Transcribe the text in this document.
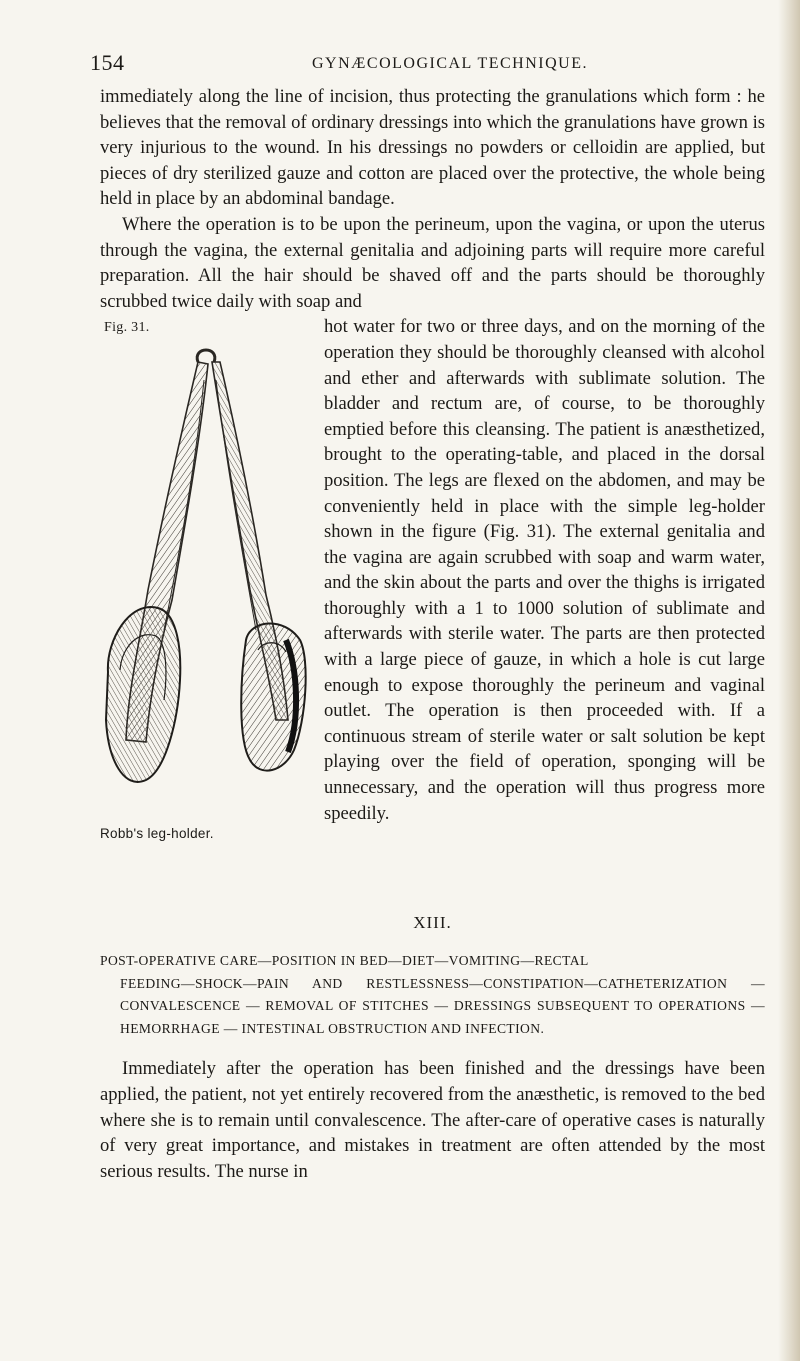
154	GYNÆCOLOGICAL TECHNIQUE.

immediately along the line of incision, thus protecting the granulations which form : he believes that the removal of ordinary dressings into which the granulations have grown is very injurious to the wound. In his dressings no powders or celloidin are applied, but pieces of dry sterilized gauze and cotton are placed over the protective, the whole being held in place by an abdominal bandage.

Where the operation is to be upon the perineum, upon the vagina, or upon the uterus through the vagina, the external genitalia and adjoining parts will require more careful preparation. All the hair should be shaved off and the parts should be thoroughly scrubbed twice daily with soap and

Fig. 31.
Robb's leg-holder.

hot water for two or three days, and on the morning of the operation they should be thoroughly cleansed with alcohol and ether and afterwards with sublimate solution. The bladder and rectum are, of course, to be thoroughly emptied before this cleansing. The patient is anæsthetized, brought to the operating-table, and placed in the dorsal position. The legs are flexed on the abdomen, and may be conveniently held in place with the simple leg-holder shown in the figure (Fig. 31). The external genitalia and the vagina are again scrubbed with soap and warm water, and the skin about the parts and over the thighs is irrigated thoroughly with a 1 to 1000 solution of sublimate and afterwards with sterile water. The parts are then protected with a large piece of gauze, in which a hole is cut large enough to expose thoroughly the perineum and vaginal outlet. The operation is then proceeded with. If a continuous stream of sterile water or salt solution be kept playing over the field of operation, sponging will be unnecessary, and the operation will thus progress more speedily.

XIII.
POST-OPERATIVE CARE—POSITION IN BED—DIET—VOMITING—RECTAL
FEEDING—SHOCK—PAIN AND RESTLESSNESS—CONSTIPATION—CATHETERIZATION — CONVALESCENCE — REMOVAL OF STITCHES — DRESSINGS SUBSEQUENT TO OPERATIONS — HEMORRHAGE — INTESTINAL OBSTRUCTION AND INFECTION.

Immediately after the operation has been finished and the dressings have been applied, the patient, not yet entirely recovered from the anæsthetic, is removed to the bed where she is to remain until convalescence. The after-care of operative cases is naturally of very great importance, and mistakes in treatment are often attended by the most serious results. The nurse in
